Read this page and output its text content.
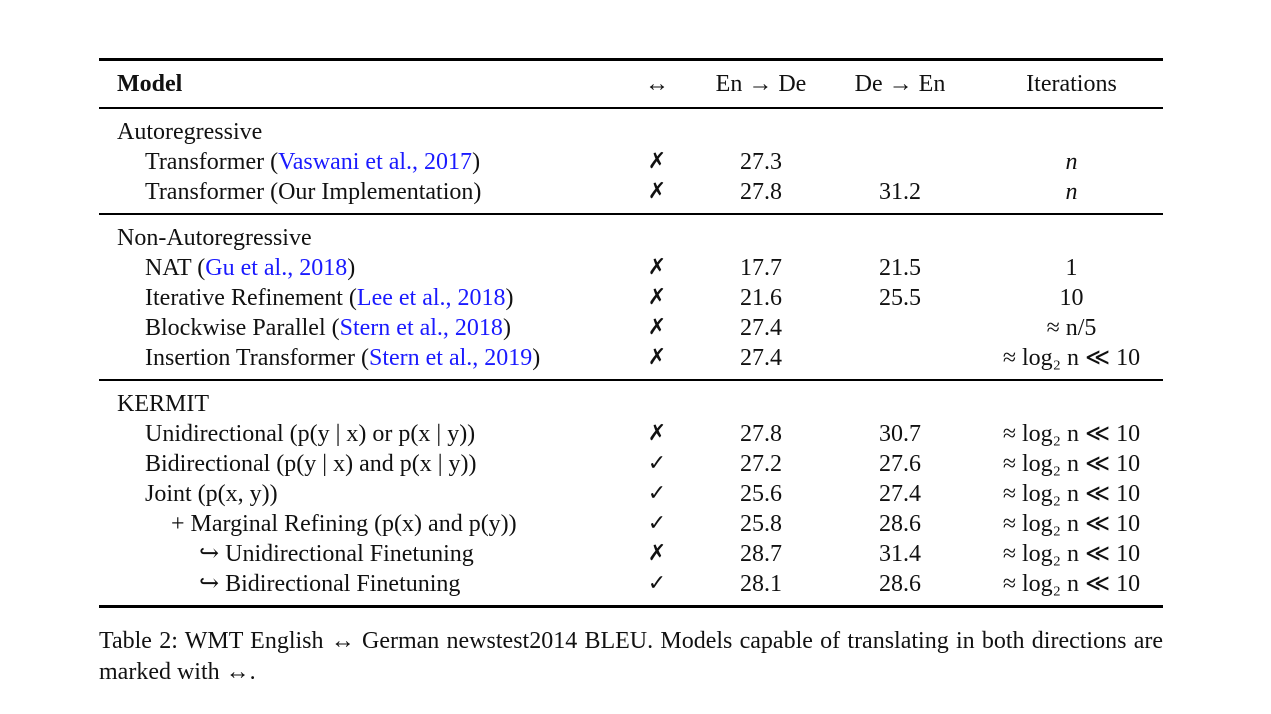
Model	↔	En → De	De → En	Iterations
Autoregressive				
Transformer (Vaswani et al., 2017)	✗	27.3		n
Transformer (Our Implementation)	✗	27.8	31.2	n
Non-Autoregressive				
NAT (Gu et al., 2018)	✗	17.7	21.5	1
Iterative Refinement (Lee et al., 2018)	✗	21.6	25.5	10
Blockwise Parallel (Stern et al., 2018)	✗	27.4		≈ n/5
Insertion Transformer (Stern et al., 2019)	✗	27.4		≈ log₂ n ≪ 10
KERMIT				
Unidirectional (p(y | x) or p(x | y))	✗	27.8	30.7	≈ log₂ n ≪ 10
Bidirectional (p(y | x) and p(x | y))	✓	27.2	27.6	≈ log₂ n ≪ 10
Joint (p(x, y))	✓	25.6	27.4	≈ log₂ n ≪ 10
+ Marginal Refining (p(x) and p(y))	✓	25.8	28.6	≈ log₂ n ≪ 10
↪ Unidirectional Finetuning	✗	28.7	31.4	≈ log₂ n ≪ 10
↪ Bidirectional Finetuning	✓	28.1	28.6	≈ log₂ n ≪ 10
Table 2: WMT English ↔ German newstest2014 BLEU. Models capable of translating in both directions are marked with ↔.
